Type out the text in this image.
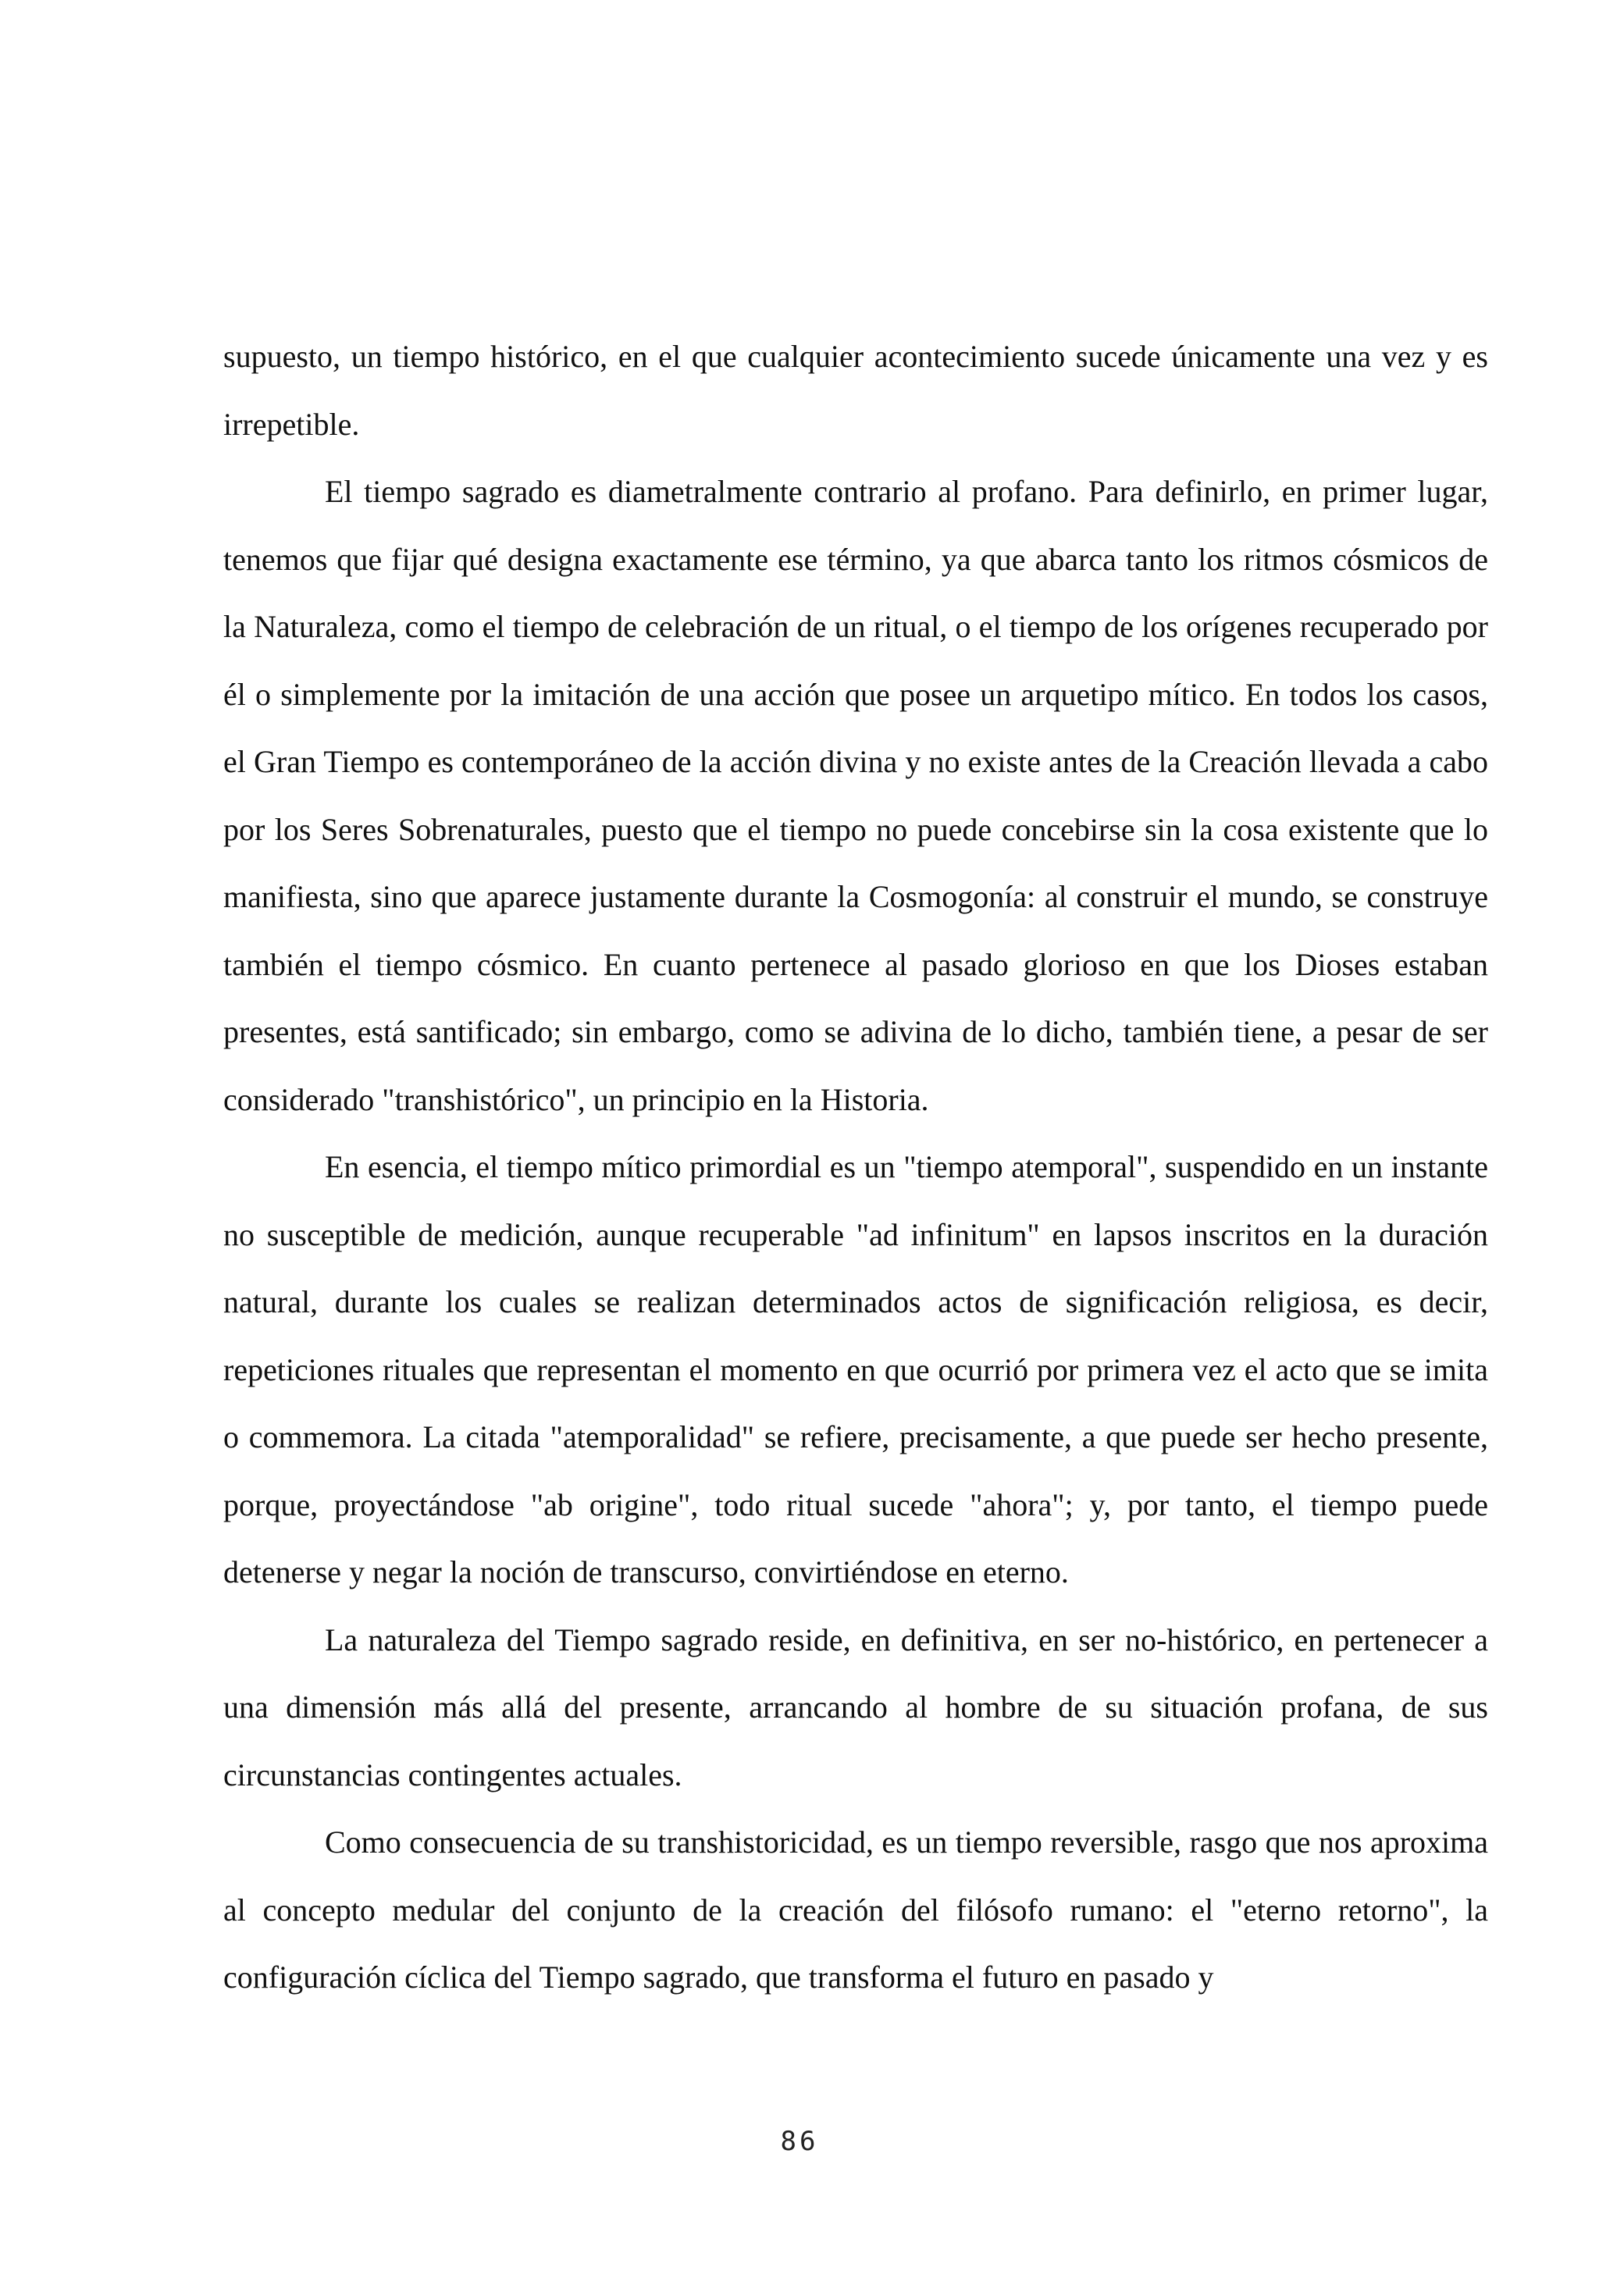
supuesto, un tiempo histórico, en el que cualquier acontecimiento sucede únicamente una vez y es irrepetible.

El tiempo sagrado es diametralmente contrario al profano. Para definirlo, en primer lugar, tenemos que fijar qué designa exactamente ese término, ya que abarca tanto los ritmos cósmicos de la Naturaleza, como el tiempo de celebración de un ritual, o el tiempo de los orígenes recuperado por él o simplemente por la imitación de una acción que posee un arquetipo mítico. En todos los casos, el Gran Tiempo es contemporáneo de la acción divina y no existe antes de la Creación llevada a cabo por los Seres Sobrenaturales, puesto que el tiempo no puede concebirse sin la cosa existente que lo manifiesta, sino que aparece justamente durante la Cosmogonía: al construir el mundo, se construye también el tiempo cósmico. En cuanto pertenece al pasado glorioso en que los Dioses estaban presentes, está santificado; sin embargo, como se adivina de lo dicho, también tiene, a pesar de ser considerado "transhistórico", un principio en la Historia.

En esencia, el tiempo mítico primordial es un "tiempo atemporal", suspendido en un instante no susceptible de medición, aunque recuperable "ad infinitum" en lapsos inscritos en la duración natural, durante los cuales se realizan determinados actos de significación religiosa, es decir, repeticiones rituales que representan el momento en que ocurrió por primera vez el acto que se imita o commemora. La citada "atemporalidad" se refiere, precisamente, a que puede ser hecho presente, porque, proyectándose "ab origine", todo ritual sucede "ahora"; y, por tanto, el tiempo puede detenerse y negar la noción de transcurso, convirtiéndose en eterno.

La naturaleza del Tiempo sagrado reside, en definitiva, en ser no-histórico, en pertenecer a una dimensión más allá del presente, arrancando al hombre de su situación profana, de sus circunstancias contingentes actuales.

Como consecuencia de su transhistoricidad, es un tiempo reversible, rasgo que nos aproxima al concepto medular del conjunto de la creación del filósofo rumano: el "eterno retorno", la configuración cíclica del Tiempo sagrado, que transforma el futuro en pasado y

86
